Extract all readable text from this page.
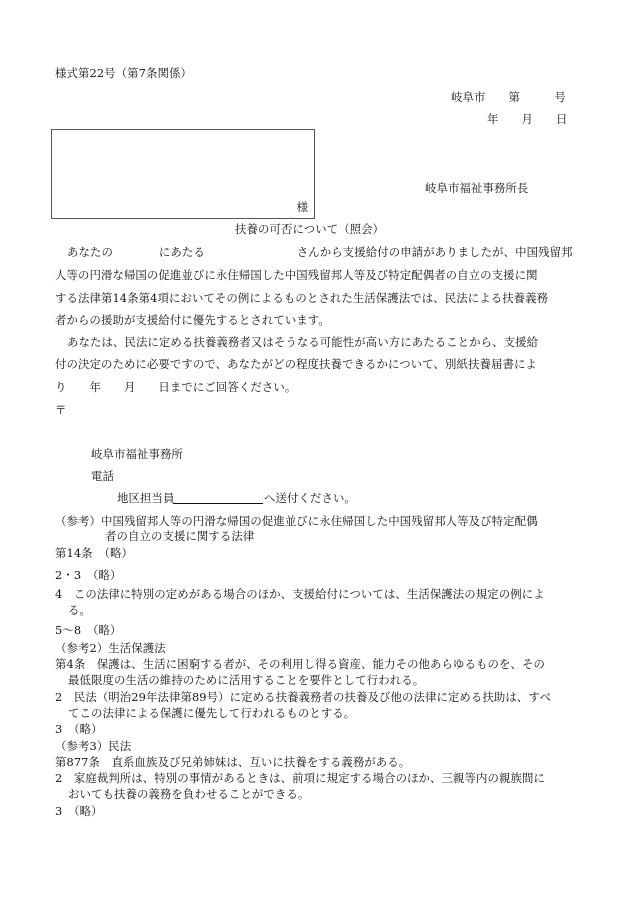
様式第22号（第7条関係）
岐阜市　　第　　　号
年　　月　　日
様
岐阜市福祉事務所長
扶養の可否について（照会）
あなたの　　　　にあたる　　　　　　　　さんから支援給付の申請がありましたが、中国残留邦
人等の円滑な帰国の促進並びに永住帰国した中国残留邦人等及び特定配偶者の自立の支援に関
する法律第14条第4項においてその例によるものとされた生活保護法では、民法による扶養義務
者からの援助が支援給付に優先するとされています。
あなたは、民法に定める扶養義務者又はそうなる可能性が高い方にあたることから、支援給
付の決定のために必要ですので、あなたがどの程度扶養できるかについて、別紙扶養届書によ
り　　年　　月　　日までにご回答ください。
〒
岐阜市福祉事務所
電話
地区担当員	へ送付ください。
（参考）中国残留邦人等の円滑な帰国の促進並びに永住帰国した中国残留邦人等及び特定配偶
者の自立の支援に関する法律
第14条　（略）
2・3　（略）
4　この法律に特別の定めがある場合のほか、支援給付については、生活保護法の規定の例によ
る。
5〜8　（略）
（参考2）生活保護法
第4条　保護は、生活に困窮する者が、その利用し得る資産、能力その他あらゆるものを、その
最低限度の生活の維持のために活用することを要件として行われる。
2　民法（明治29年法律第89号）に定める扶養義務者の扶養及び他の法律に定める扶助は、すべ
てこの法律による保護に優先して行われるものとする。
3　（略）
（参考3）民法
第877条　直系血族及び兄弟姉妹は、互いに扶養をする義務がある。
2　家庭裁判所は、特別の事情があるときは、前項に規定する場合のほか、三親等内の親族間に
おいても扶養の義務を負わせることができる。
3　（略）
